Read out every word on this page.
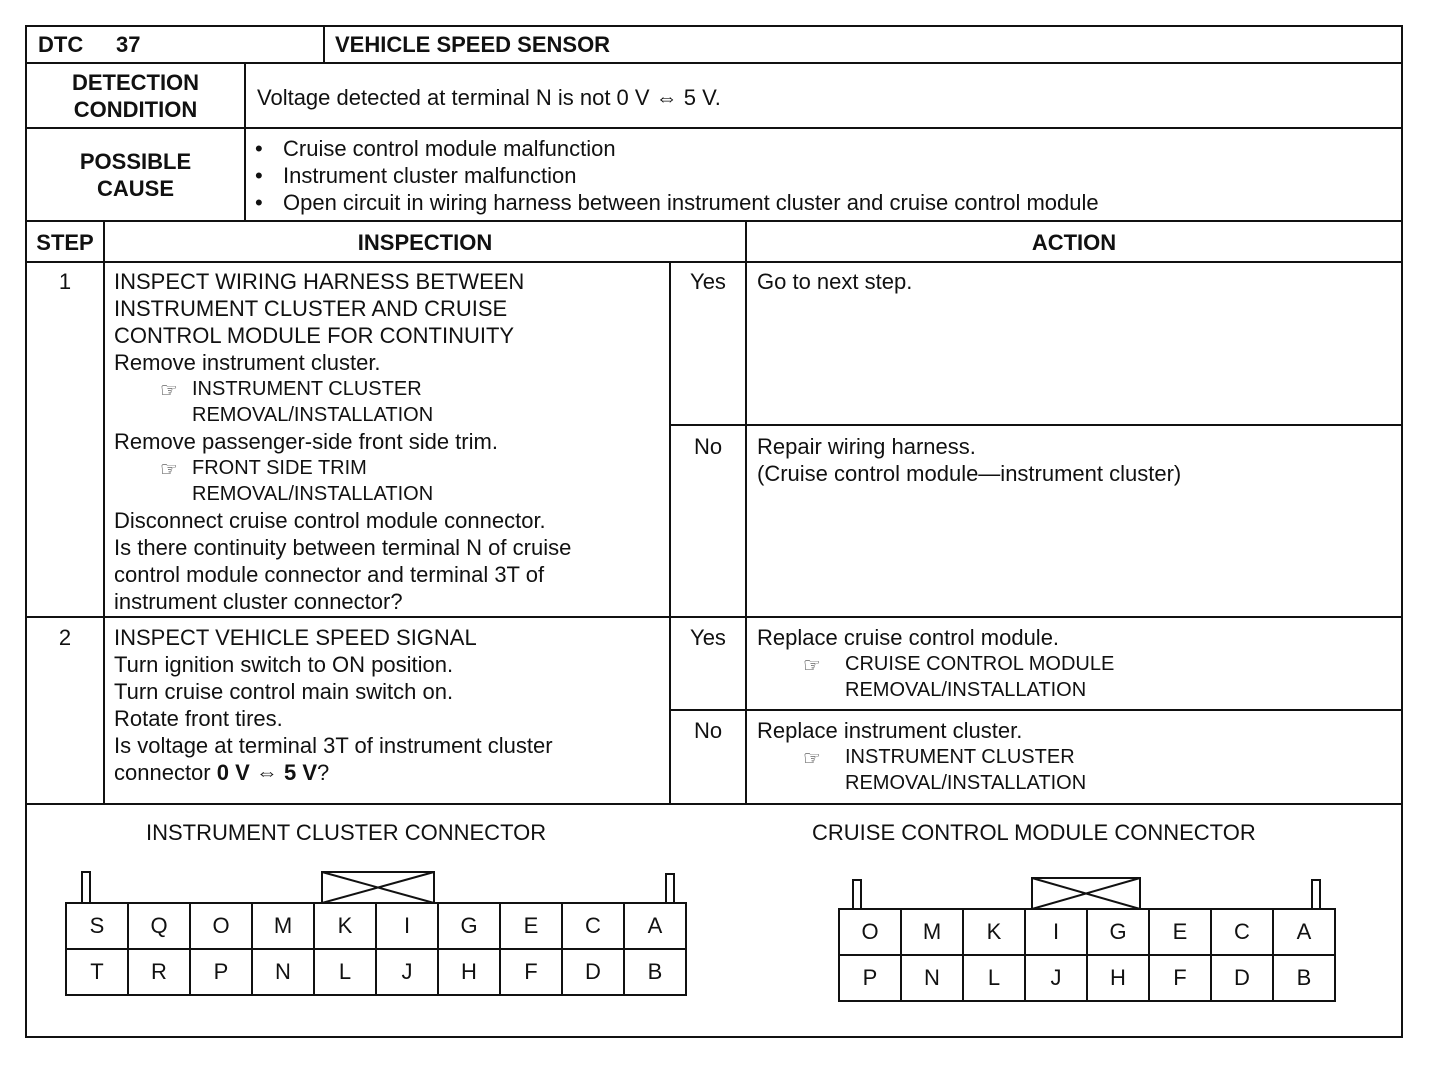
DTC 37	VEHICLE SPEED SENSOR
DETECTION
CONDITION	Voltage detected at terminal N is not 0 V ⇔ 5 V.
POSSIBLE
CAUSE
• Cruise control module malfunction
• Instrument cluster malfunction
• Open circuit in wiring harness between instrument cluster and cruise control module
STEP	INSPECTION	ACTION
1	INSPECT WIRING HARNESS BETWEEN
INSTRUMENT CLUSTER AND CRUISE
CONTROL MODULE FOR CONTINUITY
Remove instrument cluster.
☞ INSTRUMENT CLUSTER
REMOVAL/INSTALLATION
Remove passenger-side front side trim.
☞ FRONT SIDE TRIM
REMOVAL/INSTALLATION
Disconnect cruise control module connector.
Is there continuity between terminal N of cruise
control module connector and terminal 3T of
instrument cluster connector?
Yes	Go to next step.
No	Repair wiring harness.
(Cruise control module—instrument cluster)
2	INSPECT VEHICLE SPEED SIGNAL
Turn ignition switch to ON position.
Turn cruise control main switch on.
Rotate front tires.
Is voltage at terminal 3T of instrument cluster
connector 0 V ⇔ 5 V?
Yes	Replace cruise control module.
☞ CRUISE CONTROL MODULE
REMOVAL/INSTALLATION
No	Replace instrument cluster.
☞ INSTRUMENT CLUSTER
REMOVAL/INSTALLATION
INSTRUMENT CLUSTER CONNECTOR	CRUISE CONTROL MODULE CONNECTOR
S	Q	O	M	K	I	G	E	C	A
T	R	P	N	L	J	H	F	D	B
O	M	K	I	G	E	C	A
P	N	L	J	H	F	D	B
